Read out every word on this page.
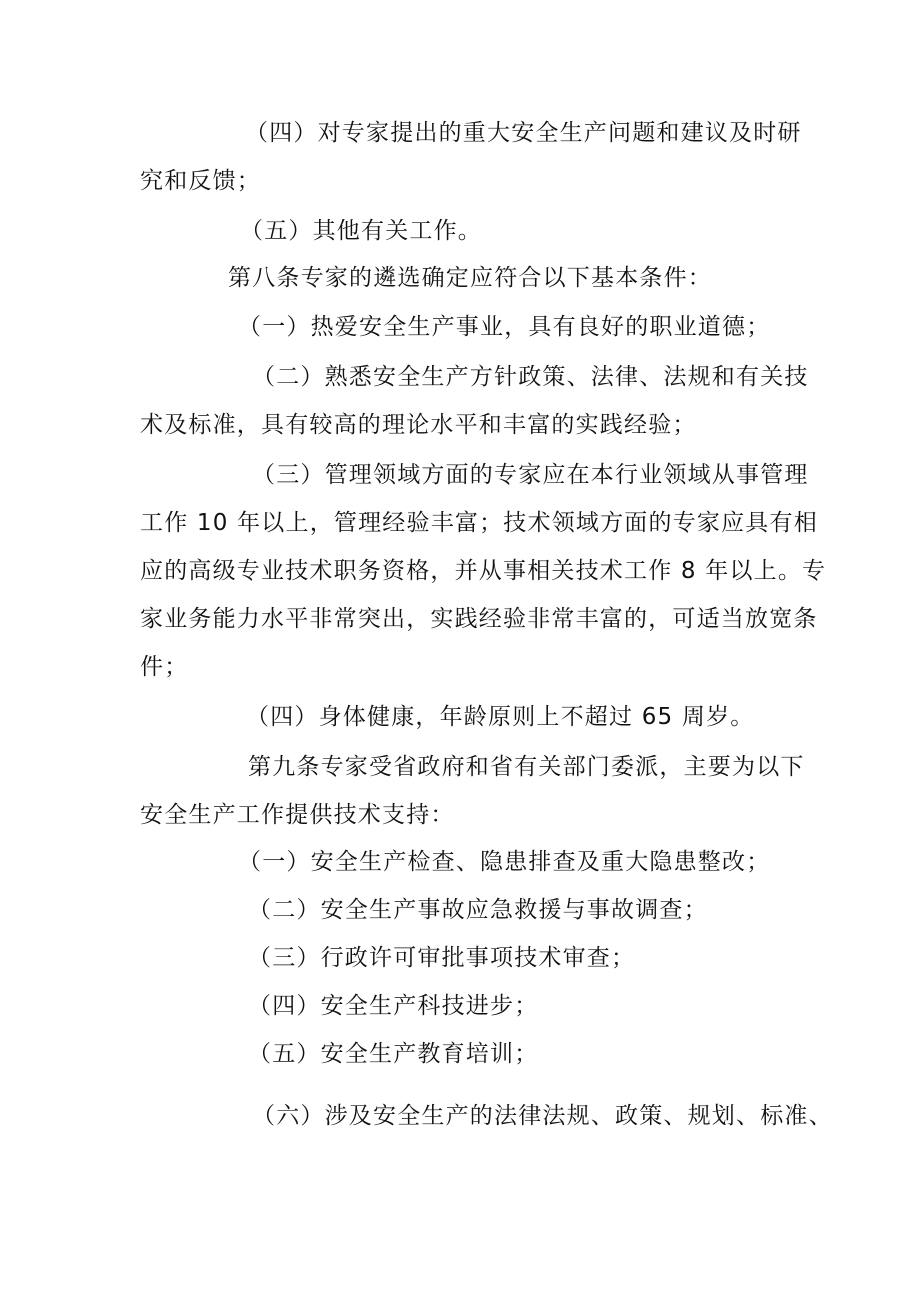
（四）对专家提出的重大安全生产问题和建议及时研
究和反馈；

（五）其他有关工作。

第八条专家的遴选确定应符合以下基本条件：

（一）热爱安全生产事业，具有良好的职业道德；

（二）熟悉安全生产方针政策、法律、法规和有关技
术及标准，具有较高的理论水平和丰富的实践经验；

（三）管理领域方面的专家应在本行业领域从事管理
工作 10 年以上，管理经验丰富；技术领域方面的专家应具有相
应的高级专业技术职务资格，并从事相关技术工作 8 年以上。专
家业务能力水平非常突出，实践经验非常丰富的，可适当放宽条
件；

（四）身体健康，年龄原则上不超过 65 周岁。

第九条专家受省政府和省有关部门委派，主要为以下
安全生产工作提供技术支持：

（一）安全生产检查、隐患排查及重大隐患整改；

（二）安全生产事故应急救援与事故调查；

（三）行政许可审批事项技术审查；

（四）安全生产科技进步；

（五）安全生产教育培训；

（六）涉及安全生产的法律法规、政策、规划、标准、
